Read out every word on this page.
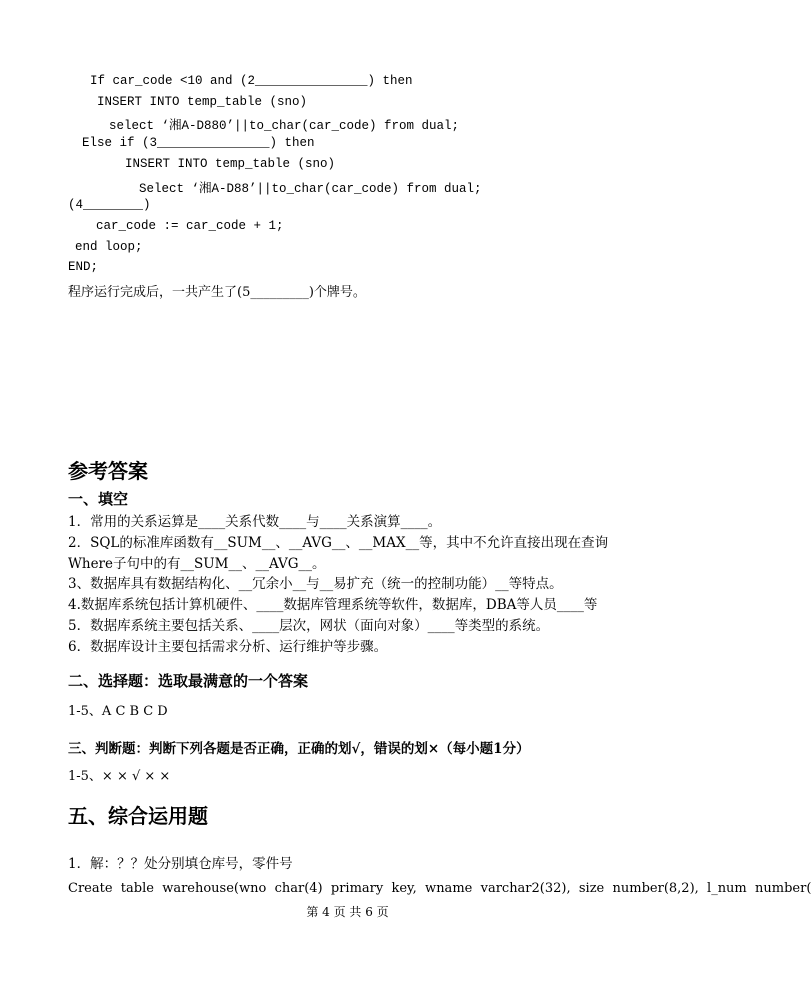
If car_code <10 and (2_______________) then
INSERT INTO temp_table (sno)
select ‘湘A-D880’||to_char(car_code) from dual;
Else if (3_______________) then
INSERT INTO temp_table (sno)
Select ‘湘A-D88’||to_char(car_code) from dual;
(4________)
car_code := car_code + 1;
end loop;
END;
程序运行完成后，一共产生了(5_________)个牌号。
参考答案
一、填空
1．常用的关系运算是____关系代数____与____关系演算____。
2．SQL的标准库函数有__SUM__、__AVG__、__MAX__等，其中不允许直接出现在查询
Where子句中的有__SUM__、__AVG__。
3、数据库具有数据结构化、__冗余小__与__易扩充（统一的控制功能）__等特点。
4.数据库系统包括计算机硬件、____数据库管理系统等软件，数据库，DBA等人员____等
5．数据库系统主要包括关系、____层次，网状（面向对象）____等类型的系统。
6．数据库设计主要包括需求分析、运行维护等步骤。
二、选择题：选取最满意的一个答案
1-5、A C B C D
三、判断题：判断下列各题是否正确，正确的划√，错误的划×（每小题1分）
1-5、× × √ × ×
五、综合运用题
1．解：？？处分别填仓库号，零件号
Create  table  warehouse(wno  char(4)  primary  key,  wname  varchar2(32),  size  number(8,2),  l_num  number(
第 4 页 共 6 页
